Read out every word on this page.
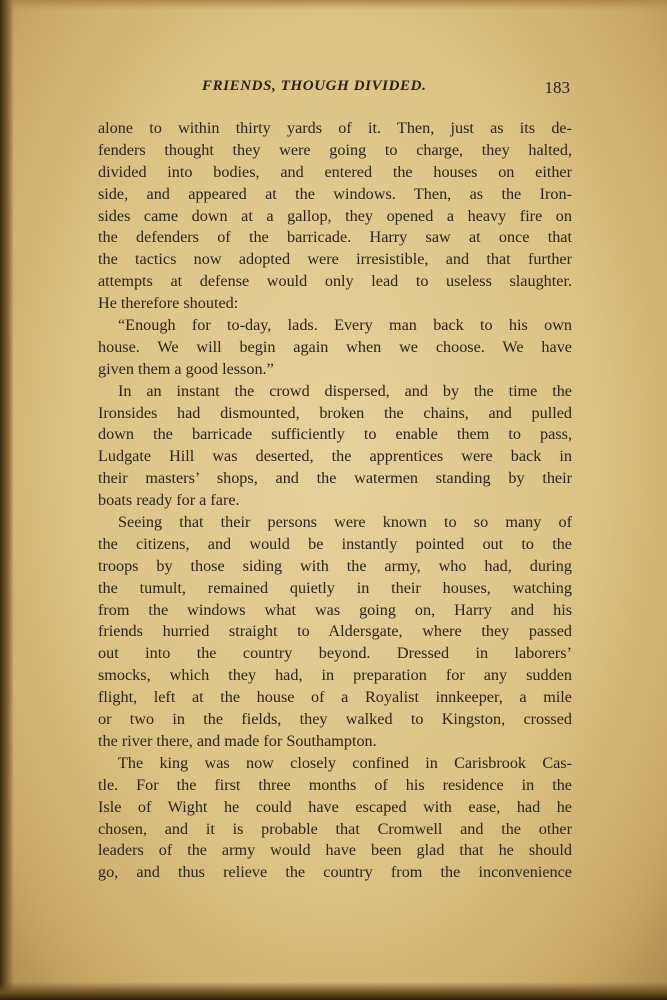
FRIENDS, THOUGH DIVIDED.	183
alone to within thirty yards of it. Then, just as its de-
fenders thought they were going to charge, they halted,
divided into bodies, and entered the houses on either
side, and appeared at the windows. Then, as the Iron-
sides came down at a gallop, they opened a heavy fire on
the defenders of the barricade. Harry saw at once that
the tactics now adopted were irresistible, and that further
attempts at defense would only lead to useless slaughter.
He therefore shouted:
“Enough for to-day, lads. Every man back to his own
house. We will begin again when we choose. We have
given them a good lesson.”
In an instant the crowd dispersed, and by the time the
Ironsides had dismounted, broken the chains, and pulled
down the barricade sufficiently to enable them to pass,
Ludgate Hill was deserted, the apprentices were back in
their masters’ shops, and the watermen standing by their
boats ready for a fare.
Seeing that their persons were known to so many of
the citizens, and would be instantly pointed out to the
troops by those siding with the army, who had, during
the tumult, remained quietly in their houses, watching
from the windows what was going on, Harry and his
friends hurried straight to Aldersgate, where they passed
out into the country beyond. Dressed in laborers’
smocks, which they had, in preparation for any sudden
flight, left at the house of a Royalist innkeeper, a mile
or two in the fields, they walked to Kingston, crossed
the river there, and made for Southampton.
The king was now closely confined in Carisbrook Cas-
tle. For the first three months of his residence in the
Isle of Wight he could have escaped with ease, had he
chosen, and it is probable that Cromwell and the other
leaders of the army would have been glad that he should
go, and thus relieve the country from the inconvenience
